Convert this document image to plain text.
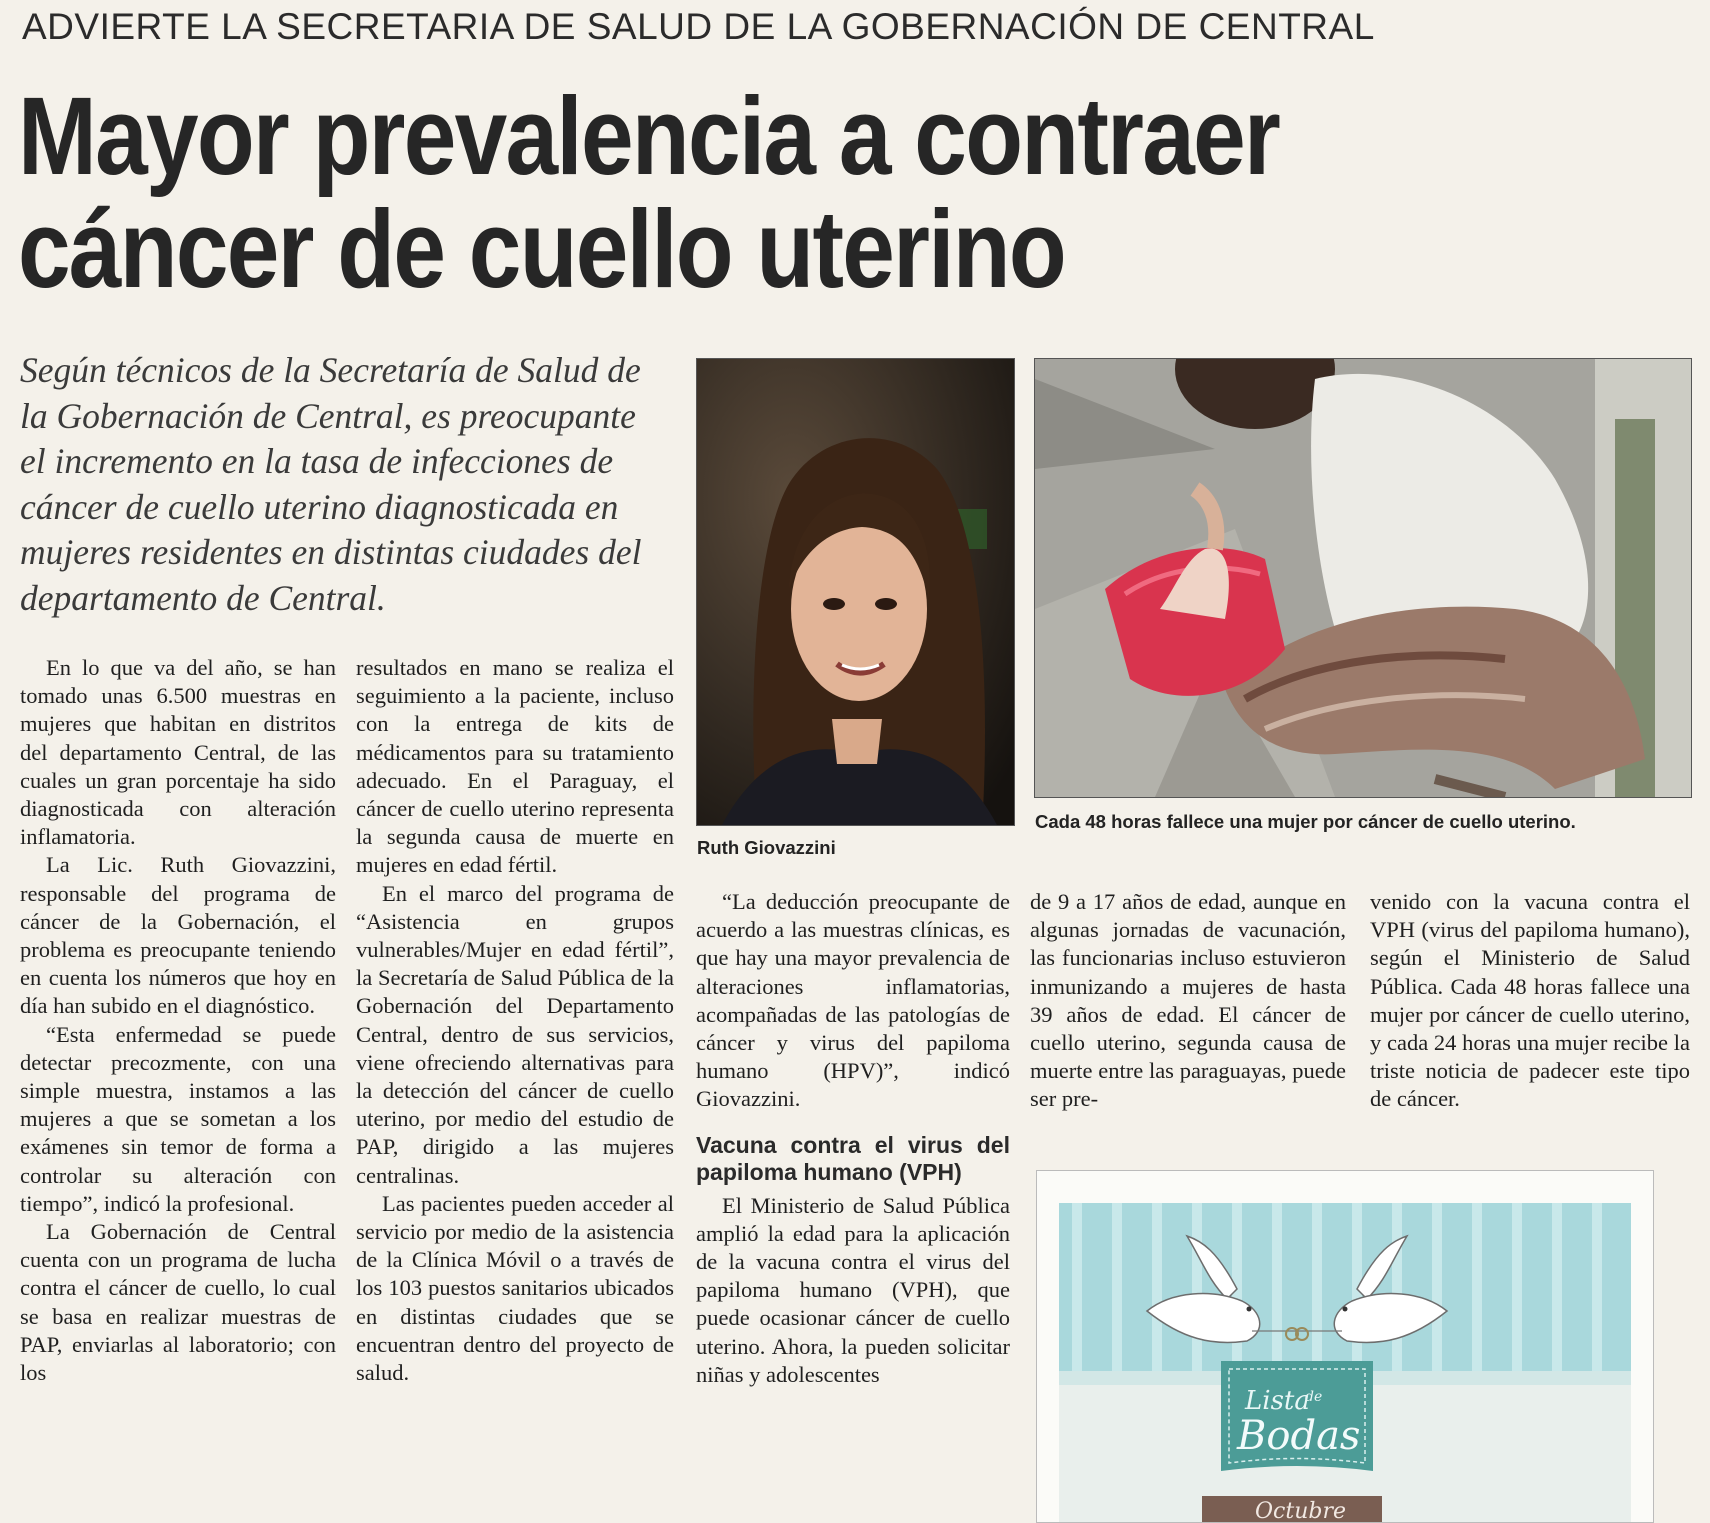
ADVIERTE LA SECRETARIA DE SALUD DE LA GOBERNACIÓN DE CENTRAL
Mayor prevalencia a contraer
cáncer de cuello uterino
Según técnicos de la Secretaría de Salud de la Gobernación de Central, es preocupante el incremento en la tasa de infecciones de cáncer de cuello uterino diagnosticada en mujeres residentes en distintas ciudades del departamento de Central.
Ruth Giovazzini
Cada 48 horas fallece una mujer por cáncer de cuello uterino.

En lo que va del año, se han tomado unas 6.500 muestras en mujeres que habitan en distritos del departamento Central, de las cuales un gran porcentaje ha sido diagnosticada con alteración inflamatoria.

La Lic. Ruth Giovazzini, responsable del programa de cáncer de la Gobernación, el problema es preocupante teniendo en cuenta los números que hoy en día han subido en el diagnóstico.

“Esta enfermedad se puede detectar precozmente, con una simple muestra, instamos a las mujeres a que se sometan a los exámenes sin temor de forma a controlar su alteración con tiempo”, indicó la profesional.

La Gobernación de Central cuenta con un programa de lucha contra el cáncer de cuello, lo cual se basa en realizar muestras de PAP, enviarlas al laboratorio; con los

resultados en mano se realiza el seguimiento a la paciente, incluso con la entrega de kits de médicamentos para su tratamiento adecuado. En el Paraguay, el cáncer de cuello uterino representa la segunda causa de muerte en mujeres en edad fértil.

En el marco del programa de “Asistencia en grupos vulnerables/Mujer en edad fértil”, la Secretaría de Salud Pública de la Gobernación del Departamento Central, dentro de sus servicios, viene ofreciendo alternativas para la detección del cáncer de cuello uterino, por medio del estudio de PAP, dirigido a las mujeres centralinas.

Las pacientes pueden acceder al servicio por medio de la asistencia de la Clínica Móvil o a través de los 103 puestos sanitarios ubicados en distintas ciudades que se encuentran dentro del proyecto de salud.

“La deducción preocupante de acuerdo a las muestras clínicas, es que hay una mayor prevalencia de alteraciones inflamatorias, acompañadas de las patologías de cáncer y virus del papiloma humano (HPV)”, indicó Giovazzini.

Vacuna contra el virus del papiloma humano (VPH)

El Ministerio de Salud Pública amplió la edad para la aplicación de la vacuna contra el virus del papiloma humano (VPH), que puede ocasionar cáncer de cuello uterino. Ahora, la pueden solicitar niñas y adolescentes

de 9 a 17 años de edad, aunque en algunas jornadas de vacunación, las funcionarias incluso estuvieron inmunizando a mujeres de hasta 39 años de edad. El cáncer de cuello uterino, segunda causa de muerte entre las paraguayas, puede ser pre-

venido con la vacuna contra el VPH (virus del papiloma humano), según el Ministerio de Salud Pública. Cada 48 horas fallece una mujer por cáncer de cuello uterino, y cada 24 horas una mujer recibe la triste noticia de padecer este tipo de cáncer.

Lista
de
Bodas
Octubre
